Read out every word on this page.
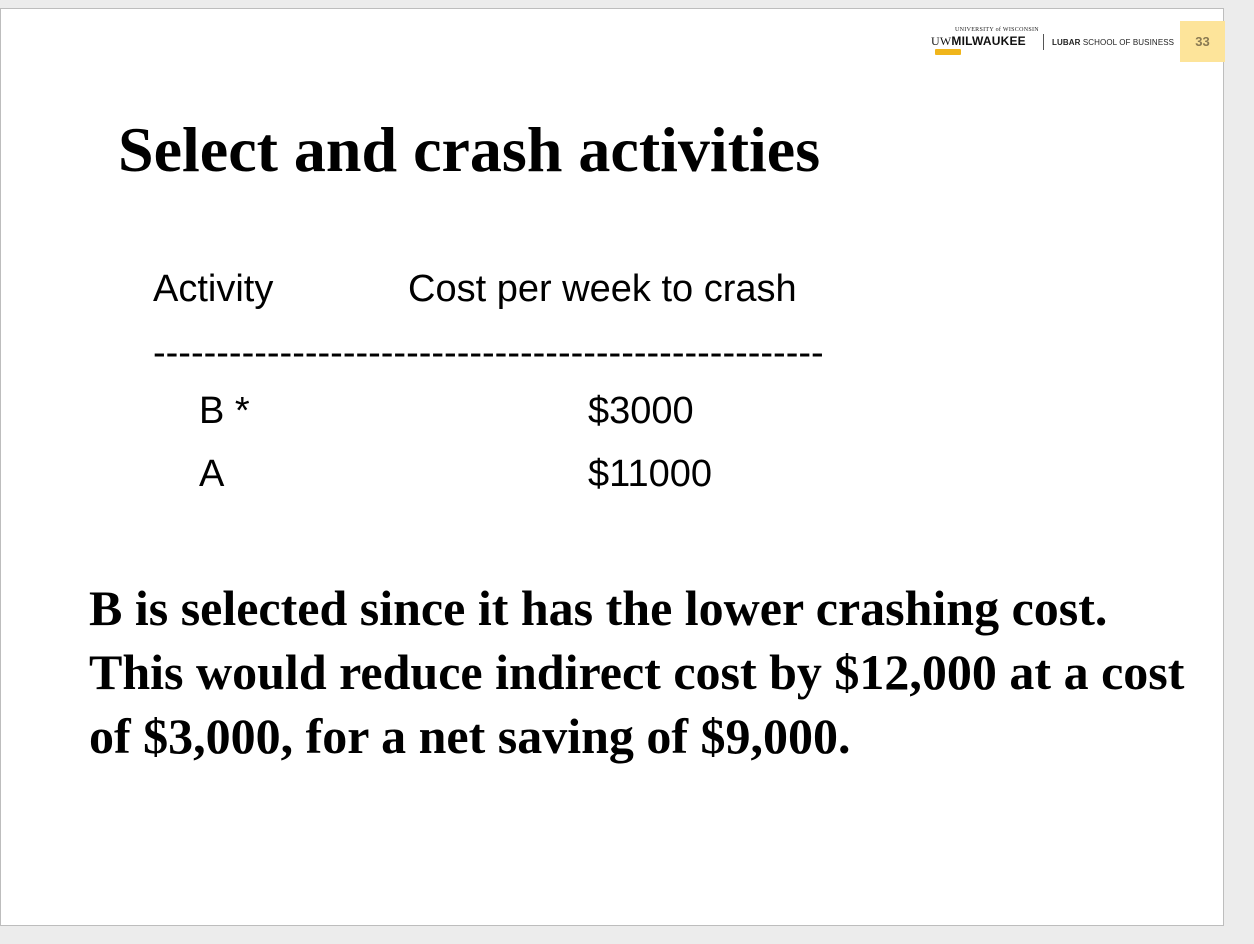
UNIVERSITY of WISCONSIN
UWMILWAUKEE	LUBAR SCHOOL OF BUSINESS	33
Select and crash activities
Activity	Cost per week to crash
-----------------------------------------------------
B *	$3000
A	$11000

B is selected since it has the lower crashing cost. This would reduce indirect cost by $12,000 at a cost of $3,000, for a net saving of $9,000.
